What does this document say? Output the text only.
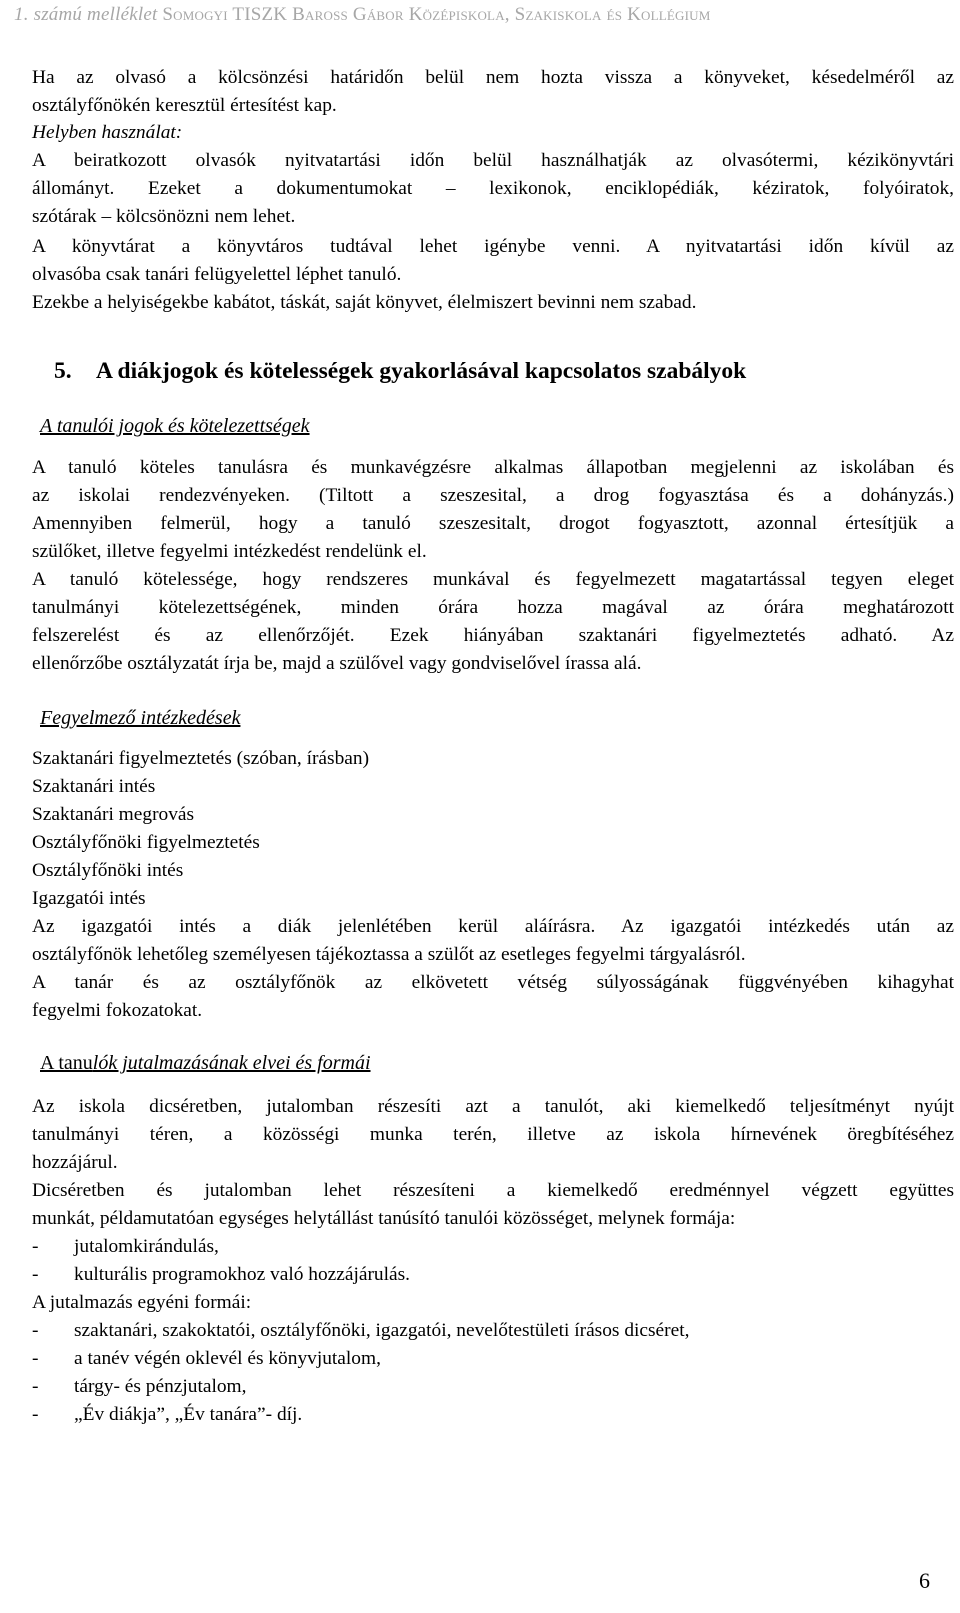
1. számú melléklet Somogyi TISZK Baross Gábor Középiskola, Szakiskola és Kollégium

Ha az olvasó a kölcsönzési határidőn belül nem hozta vissza a könyveket, késedelméről az

osztályfőnökén keresztül értesítést kap.

Helyben használat:

A beiratkozott olvasók nyitvatartási időn belül használhatják az olvasótermi, kézikönyvtári

állományt. Ezeket a dokumentumokat – lexikonok, enciklopédiák, kéziratok, folyóiratok,

szótárak – kölcsönözni nem lehet.

A könyvtárat a könyvtáros tudtával lehet igénybe venni. A nyitvatartási időn kívül az

olvasóba csak tanári felügyelettel léphet tanuló.

Ezekbe a helyiségekbe kabátot, táskát, saját könyvet, élelmiszert bevinni nem szabad.

5. A diákjogok és kötelességek gyakorlásával kapcsolatos szabályok
A tanulói jogok és kötelezettségek

A tanuló köteles tanulásra és munkavégzésre alkalmas állapotban megjelenni az iskolában és

az iskolai rendezvényeken. (Tiltott a szeszesital, a drog fogyasztása és a dohányzás.)

Amennyiben felmerül, hogy a tanuló szeszesitalt, drogot fogyasztott, azonnal értesítjük a

szülőket, illetve fegyelmi intézkedést rendelünk el.

A tanuló kötelessége, hogy rendszeres munkával és fegyelmezett magatartással tegyen eleget

tanulmányi kötelezettségének, minden órára hozza magával az órára meghatározott

felszerelést és az ellenőrzőjét. Ezek hiányában szaktanári figyelmeztetés adható. Az

ellenőrzőbe osztályzatát írja be, majd a szülővel vagy gondviselővel írassa alá.

Fegyelmező intézkedések

Szaktanári figyelmeztetés (szóban, írásban)

Szaktanári intés

Szaktanári megrovás

Osztályfőnöki figyelmeztetés

Osztályfőnöki intés

Igazgatói intés

Az igazgatói intés a diák jelenlétében kerül aláírásra. Az igazgatói intézkedés után az

osztályfőnök lehetőleg személyesen tájékoztassa a szülőt az esetleges fegyelmi tárgyalásról.

A tanár és az osztályfőnök az elkövetett vétség súlyosságának függvényében kihagyhat

fegyelmi fokozatokat.

A tanulók jutalmazásának elvei és formái

Az iskola dicséretben, jutalomban részesíti azt a tanulót, aki kiemelkedő teljesítményt nyújt

tanulmányi téren, a közösségi munka terén, illetve az iskola hírnevének öregbítéséhez

hozzájárul.

Dicséretben és jutalomban lehet részesíteni a kiemelkedő eredménnyel végzett együttes

munkát, példamutatóan egységes helytállást tanúsító tanulói közösséget, melynek formája:

- jutalomkirándulás,
- kulturális programokhoz való hozzájárulás.

A jutalmazás egyéni formái:

- szaktanári, szakoktatói, osztályfőnöki, igazgatói, nevelőtestületi írásos dicséret,
- a tanév végén oklevél és könyvjutalom,
- tárgy- és pénzjutalom,
- „Év diákja”, „Év tanára”- díj.
6
